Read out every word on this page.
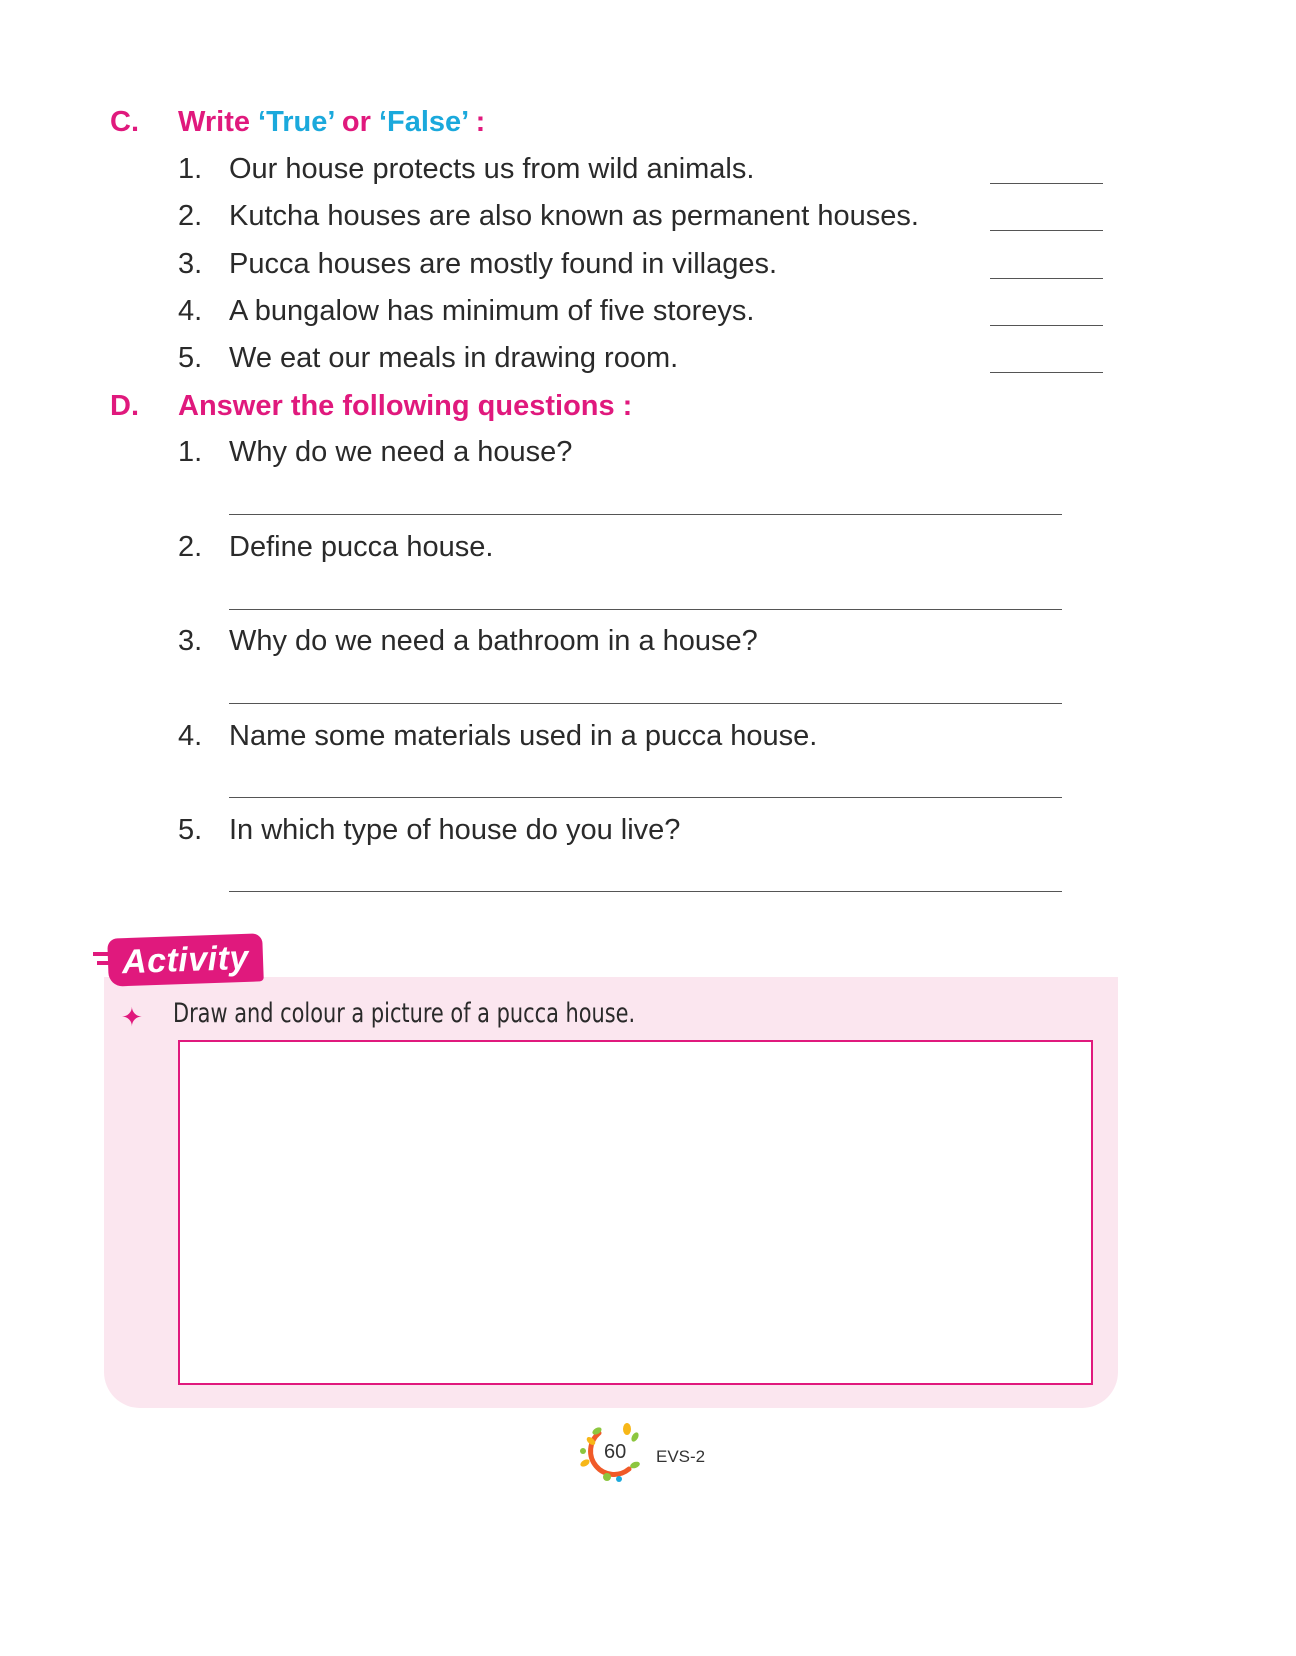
C. Write ‘True’ or ‘False’ :
1. Our house protects us from wild animals.
2. Kutcha houses are also known as permanent houses.
3. Pucca houses are mostly found in villages.
4. A bungalow has minimum of five storeys.
5. We eat our meals in drawing room.
D. Answer the following questions :
1. Why do we need a house?
2. Define pucca house.
3. Why do we need a bathroom in a house?
4. Name some materials used in a pucca house.
5. In which type of house do you live?
Activity
✦ Draw and colour a picture of a pucca house.
60 EVS-2
